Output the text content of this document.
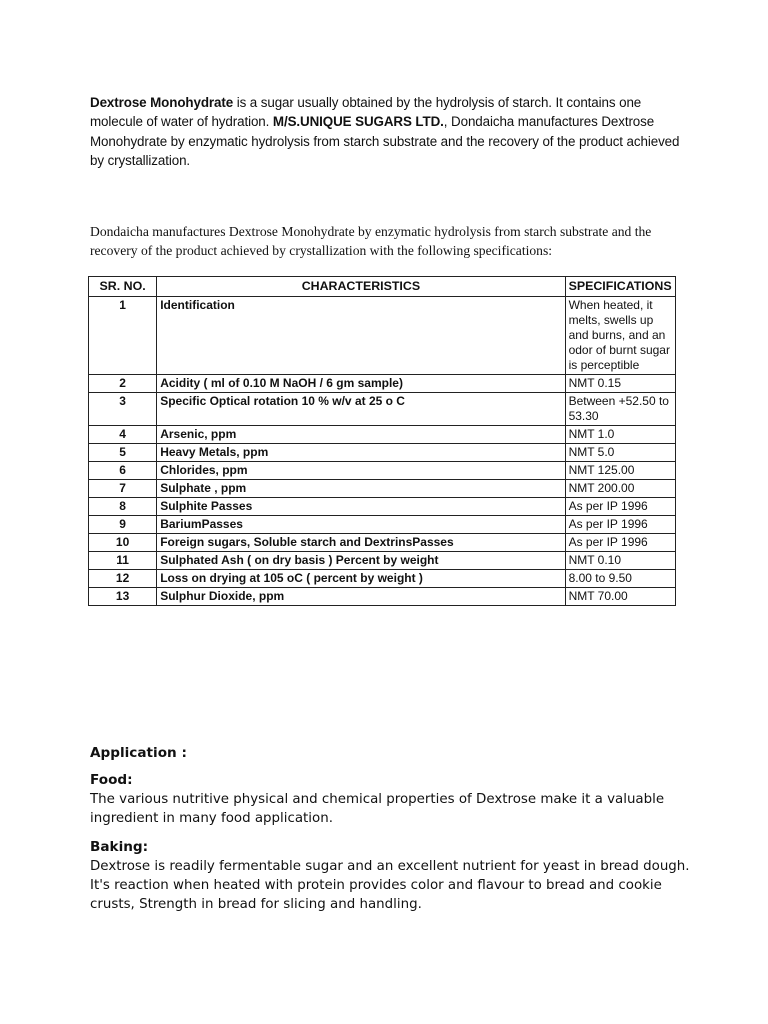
Dextrose Monohydrate is a sugar usually obtained by the hydrolysis of starch. It contains one molecule of water of hydration. M/S.UNIQUE SUGARS LTD., Dondaicha manufactures Dextrose Monohydrate by enzymatic hydrolysis from starch substrate and the recovery of the product achieved by crystallization.
Dondaicha manufactures Dextrose Monohydrate by enzymatic hydrolysis from starch substrate and the recovery of the product achieved by crystallization with the following specifications:
SR. NO.	CHARACTERISTICS	SPECIFICATIONS
1	Identification	When heated, it melts, swells up and burns, and an odor of burnt sugar is perceptible
2	Acidity ( ml of 0.10 M NaOH / 6 gm sample)	NMT 0.15
3	Specific Optical rotation 10 % w/v at 25 o C	Between +52.50 to 53.30
4	Arsenic, ppm	NMT 1.0
5	Heavy Metals, ppm	NMT 5.0
6	Chlorides, ppm	NMT 125.00
7	Sulphate , ppm	NMT 200.00
8	Sulphite Passes	As per IP 1996
9	BariumPasses	As per IP 1996
10	Foreign sugars, Soluble starch and DextrinsPasses	As per IP 1996
11	Sulphated Ash ( on dry basis ) Percent by weight	NMT 0.10
12	Loss on drying at 105 oC ( percent by weight )	8.00 to 9.50
13	Sulphur Dioxide, ppm	NMT 70.00

Application :

Food:

The various nutritive physical and chemical properties of Dextrose make it a valuable ingredient in many food application.

Baking:

Dextrose is readily fermentable sugar and an excellent nutrient for yeast in bread dough. It's reaction when heated with protein provides color and flavour to bread and cookie crusts, Strength in bread for slicing and handling.
